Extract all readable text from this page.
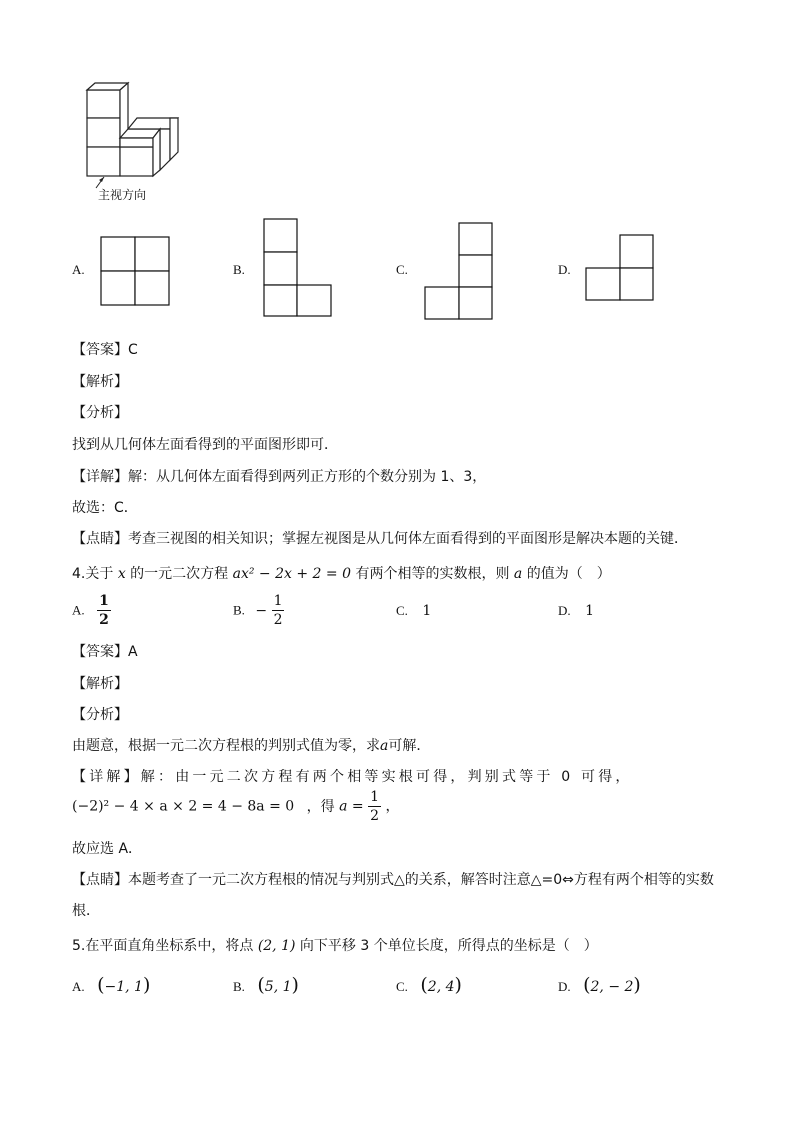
主视方向
A.	B.	C.	D.
【答案】C
【解析】
【分析】
找到从几何体左面看得到的平面图形即可．
【详解】解：从几何体左面看得到两列正方形的个数分别为 1、3，
故选：C．
【点睛】考查三视图的相关知识；掌握左视图是从几何体左面看得到的平面图形是解决本题的关键．
4.关于 x 的一元二次方程 ax² − 2x + 2 = 0 有两个相等的实数根，则 a 的值为（　）
A. $\frac{1}{2}$	B. − $\frac{1}{2}$	C. 1	D. 1
【答案】A
【解析】
【分析】
由题意，根据一元二次方程根的判别式值为零，求a可解．
【详解】解：由一元二次方程有两个相等实根可得，判别式等于 0 可得，
(−2)² − 4 × a × 2 = 4 − 8a = 0 ，得 $a = \frac{1}{2}$ ，
故应选 A．
【点睛】本题考查了一元二次方程根的情况与判别式△的关系，解答时注意△=0⇔方程有两个相等的实数
根．
5.在平面直角坐标系中，将点 (2, 1) 向下平移 3 个单位长度，所得点的坐标是（　）
A. (−1, 1)	B. (5, 1)	C. (2, 4)	D. (2, − 2)
